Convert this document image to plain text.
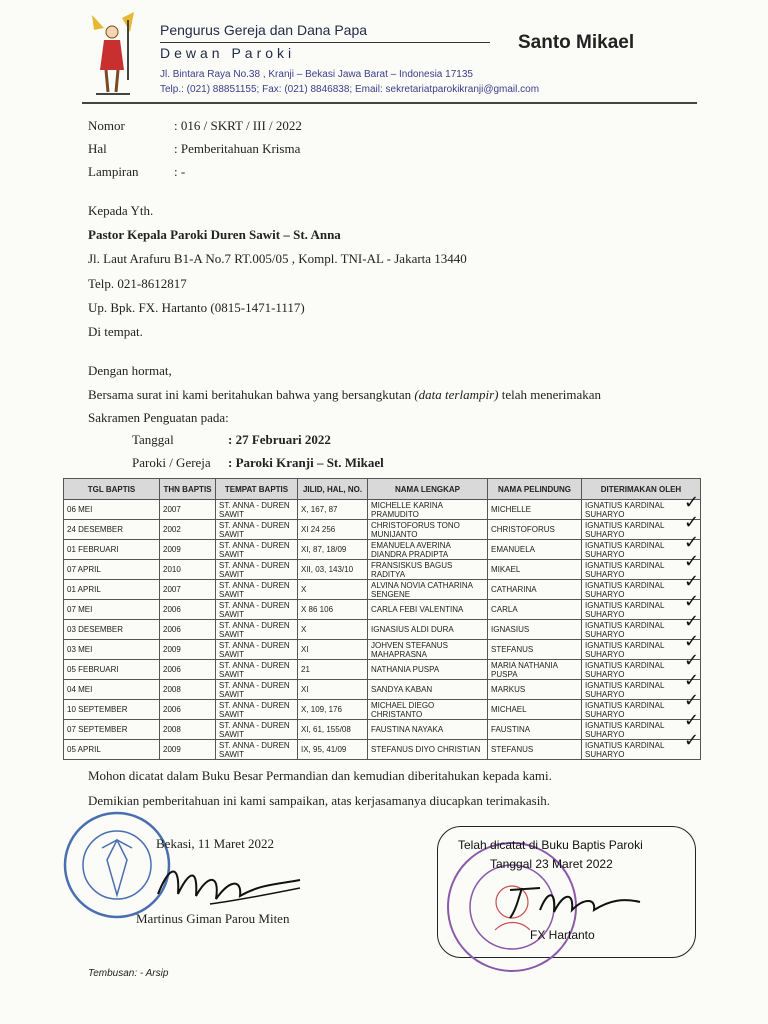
Pengurus Gereja dan Dana Papa
Dewan Paroki	Santo Mikael
Jl. Bintara Raya No.38 , Kranji – Bekasi Jawa Barat – Indonesia 17135
Telp.: (021) 88851155; Fax: (021) 8846838; Email: sekretariatparokikranji@gmail.com
Nomor	: 016 / SKRT / III / 2022
Hal	: Pemberitahuan Krisma
Lampiran	: -
Kepada Yth.
Pastor Kepala Paroki Duren Sawit – St. Anna
Jl. Laut Arafuru B1-A No.7 RT.005/05 , Kompl. TNI-AL - Jakarta 13440
Telp. 021-8612817
Up. Bpk. FX. Hartanto (0815-1471-1117)
Di tempat.
Dengan hormat,
Bersama surat ini kami beritahukan bahwa yang bersangkutan (data terlampir) telah menerimakan
Sakramen Penguatan pada:
Tanggal	: 27 Februari 2022
Paroki / Gereja : Paroki Kranji – St. Mikael
TGL BAPTIS	THN BAPTIS	TEMPAT BAPTIS	JILID, HAL, NO.	NAMA LENGKAP	NAMA PELINDUNG	DITERIMAKAN OLEH
06 MEI	2007	ST. ANNA - DUREN SAWIT	X, 167, 87	MICHELLE KARINA PRAMUDITO	MICHELLE	IGNATIUS KARDINAL SUHARYO
24 DESEMBER	2002	ST. ANNA - DUREN SAWIT	XI 24 256	CHRISTOFORUS TONO MUNIJANTO	CHRISTOFORUS	IGNATIUS KARDINAL SUHARYO
01 FEBRUARI	2009	ST. ANNA - DUREN SAWIT	XI, 87, 18/09	EMANUELA AVERINA DIANDRA PRADIPTA	EMANUELA	IGNATIUS KARDINAL SUHARYO
07 APRIL	2010	ST. ANNA - DUREN SAWIT	XII, 03, 143/10	FRANSISKUS BAGUS RADITYA	MIKAEL	IGNATIUS KARDINAL SUHARYO
01 APRIL	2007	ST. ANNA - DUREN SAWIT	X	ALVINA NOVIA CATHARINA SENGENE	CATHARINA	IGNATIUS KARDINAL SUHARYO
07 MEI	2006	ST. ANNA - DUREN SAWIT	X 86 106	CARLA FEBI VALENTINA	CARLA	IGNATIUS KARDINAL SUHARYO
03 DESEMBER	2006	ST. ANNA - DUREN SAWIT	X	IGNASIUS ALDI DURA	IGNASIUS	IGNATIUS KARDINAL SUHARYO
03 MEI	2009	ST. ANNA - DUREN SAWIT	XI	JOHVEN STEFANUS MAHAPRASNA	STEFANUS	IGNATIUS KARDINAL SUHARYO
05 FEBRUARI	2006	ST. ANNA - DUREN SAWIT	21	NATHANIA PUSPA	MARIA NATHANIA PUSPA	IGNATIUS KARDINAL SUHARYO
04 MEI	2008	ST. ANNA - DUREN SAWIT	XI	SANDYA KABAN	MARKUS	IGNATIUS KARDINAL SUHARYO
10 SEPTEMBER	2006	ST. ANNA - DUREN SAWIT	X, 109, 176	MICHAEL DIEGO CHRISTANTO	MICHAEL	IGNATIUS KARDINAL SUHARYO
07 SEPTEMBER	2008	ST. ANNA - DUREN SAWIT	XI, 61, 155/08	FAUSTINA NAYAKA	FAUSTINA	IGNATIUS KARDINAL SUHARYO
05 APRIL	2009	ST. ANNA - DUREN SAWIT	IX, 95, 41/09	STEFANUS DIYO CHRISTIAN	STEFANUS	IGNATIUS KARDINAL SUHARYO
✓
✓
✓
✓
✓
✓
✓
✓
✓
✓
✓
✓
✓
Mohon dicatat dalam Buku Besar Permandian dan kemudian diberitahukan kepada kami.
Demikian pemberitahuan ini kami sampaikan, atas kerjasamanya diucapkan terimakasih.
Bekasi, 11 Maret 2022
Martinus Giman Parou Miten
Telah dicatat di Buku Baptis Paroki
Tanggal 23 Maret 2022
FX Hartanto
Tembusan: - Arsip
